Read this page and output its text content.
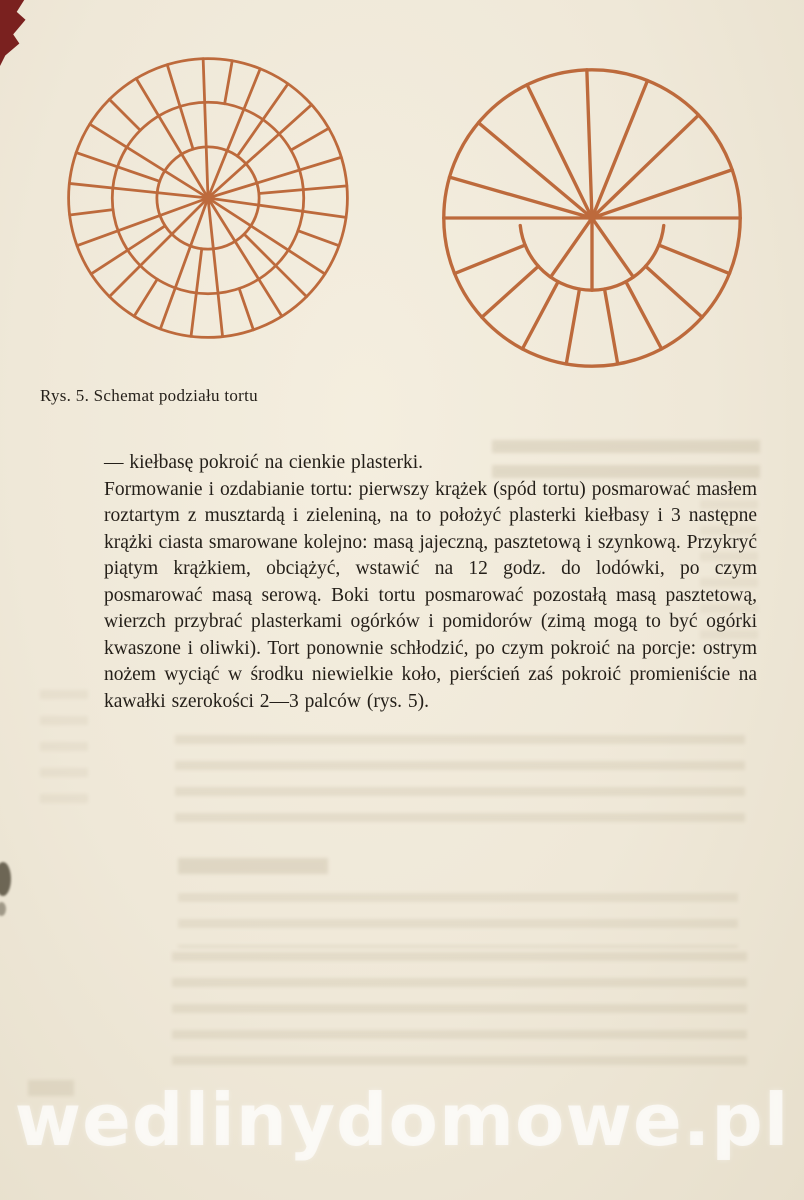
Rys. 5. Schemat podziału tortu

— kiełbasę pokroić na cienkie plasterki.

Formowanie i ozdabianie tortu: pierwszy krążek (spód tortu) posmarować masłem roztartym z musztardą i zieleniną, na to położyć plasterki kiełbasy i 3 następne krążki ciasta smarowane kolejno: masą jajeczną, pasztetową i szynkową. Przykryć piątym krążkiem, obciążyć, wstawić na 12 godz. do lodówki, po czym posmarować masą serową. Boki tortu posmarować pozostałą masą pasztetową, wierzch przybrać plasterkami ogórków i pomidorów (zimą mogą to być ogórki kwaszone i oliwki). Tort ponownie schłodzić, po czym pokroić na porcje: ostrym nożem wyciąć w środku niewielkie koło, pierścień zaś pokroić promieniście na kawałki szerokości 2—3 palców (rys. 5).

wedlinydomowe.pl
